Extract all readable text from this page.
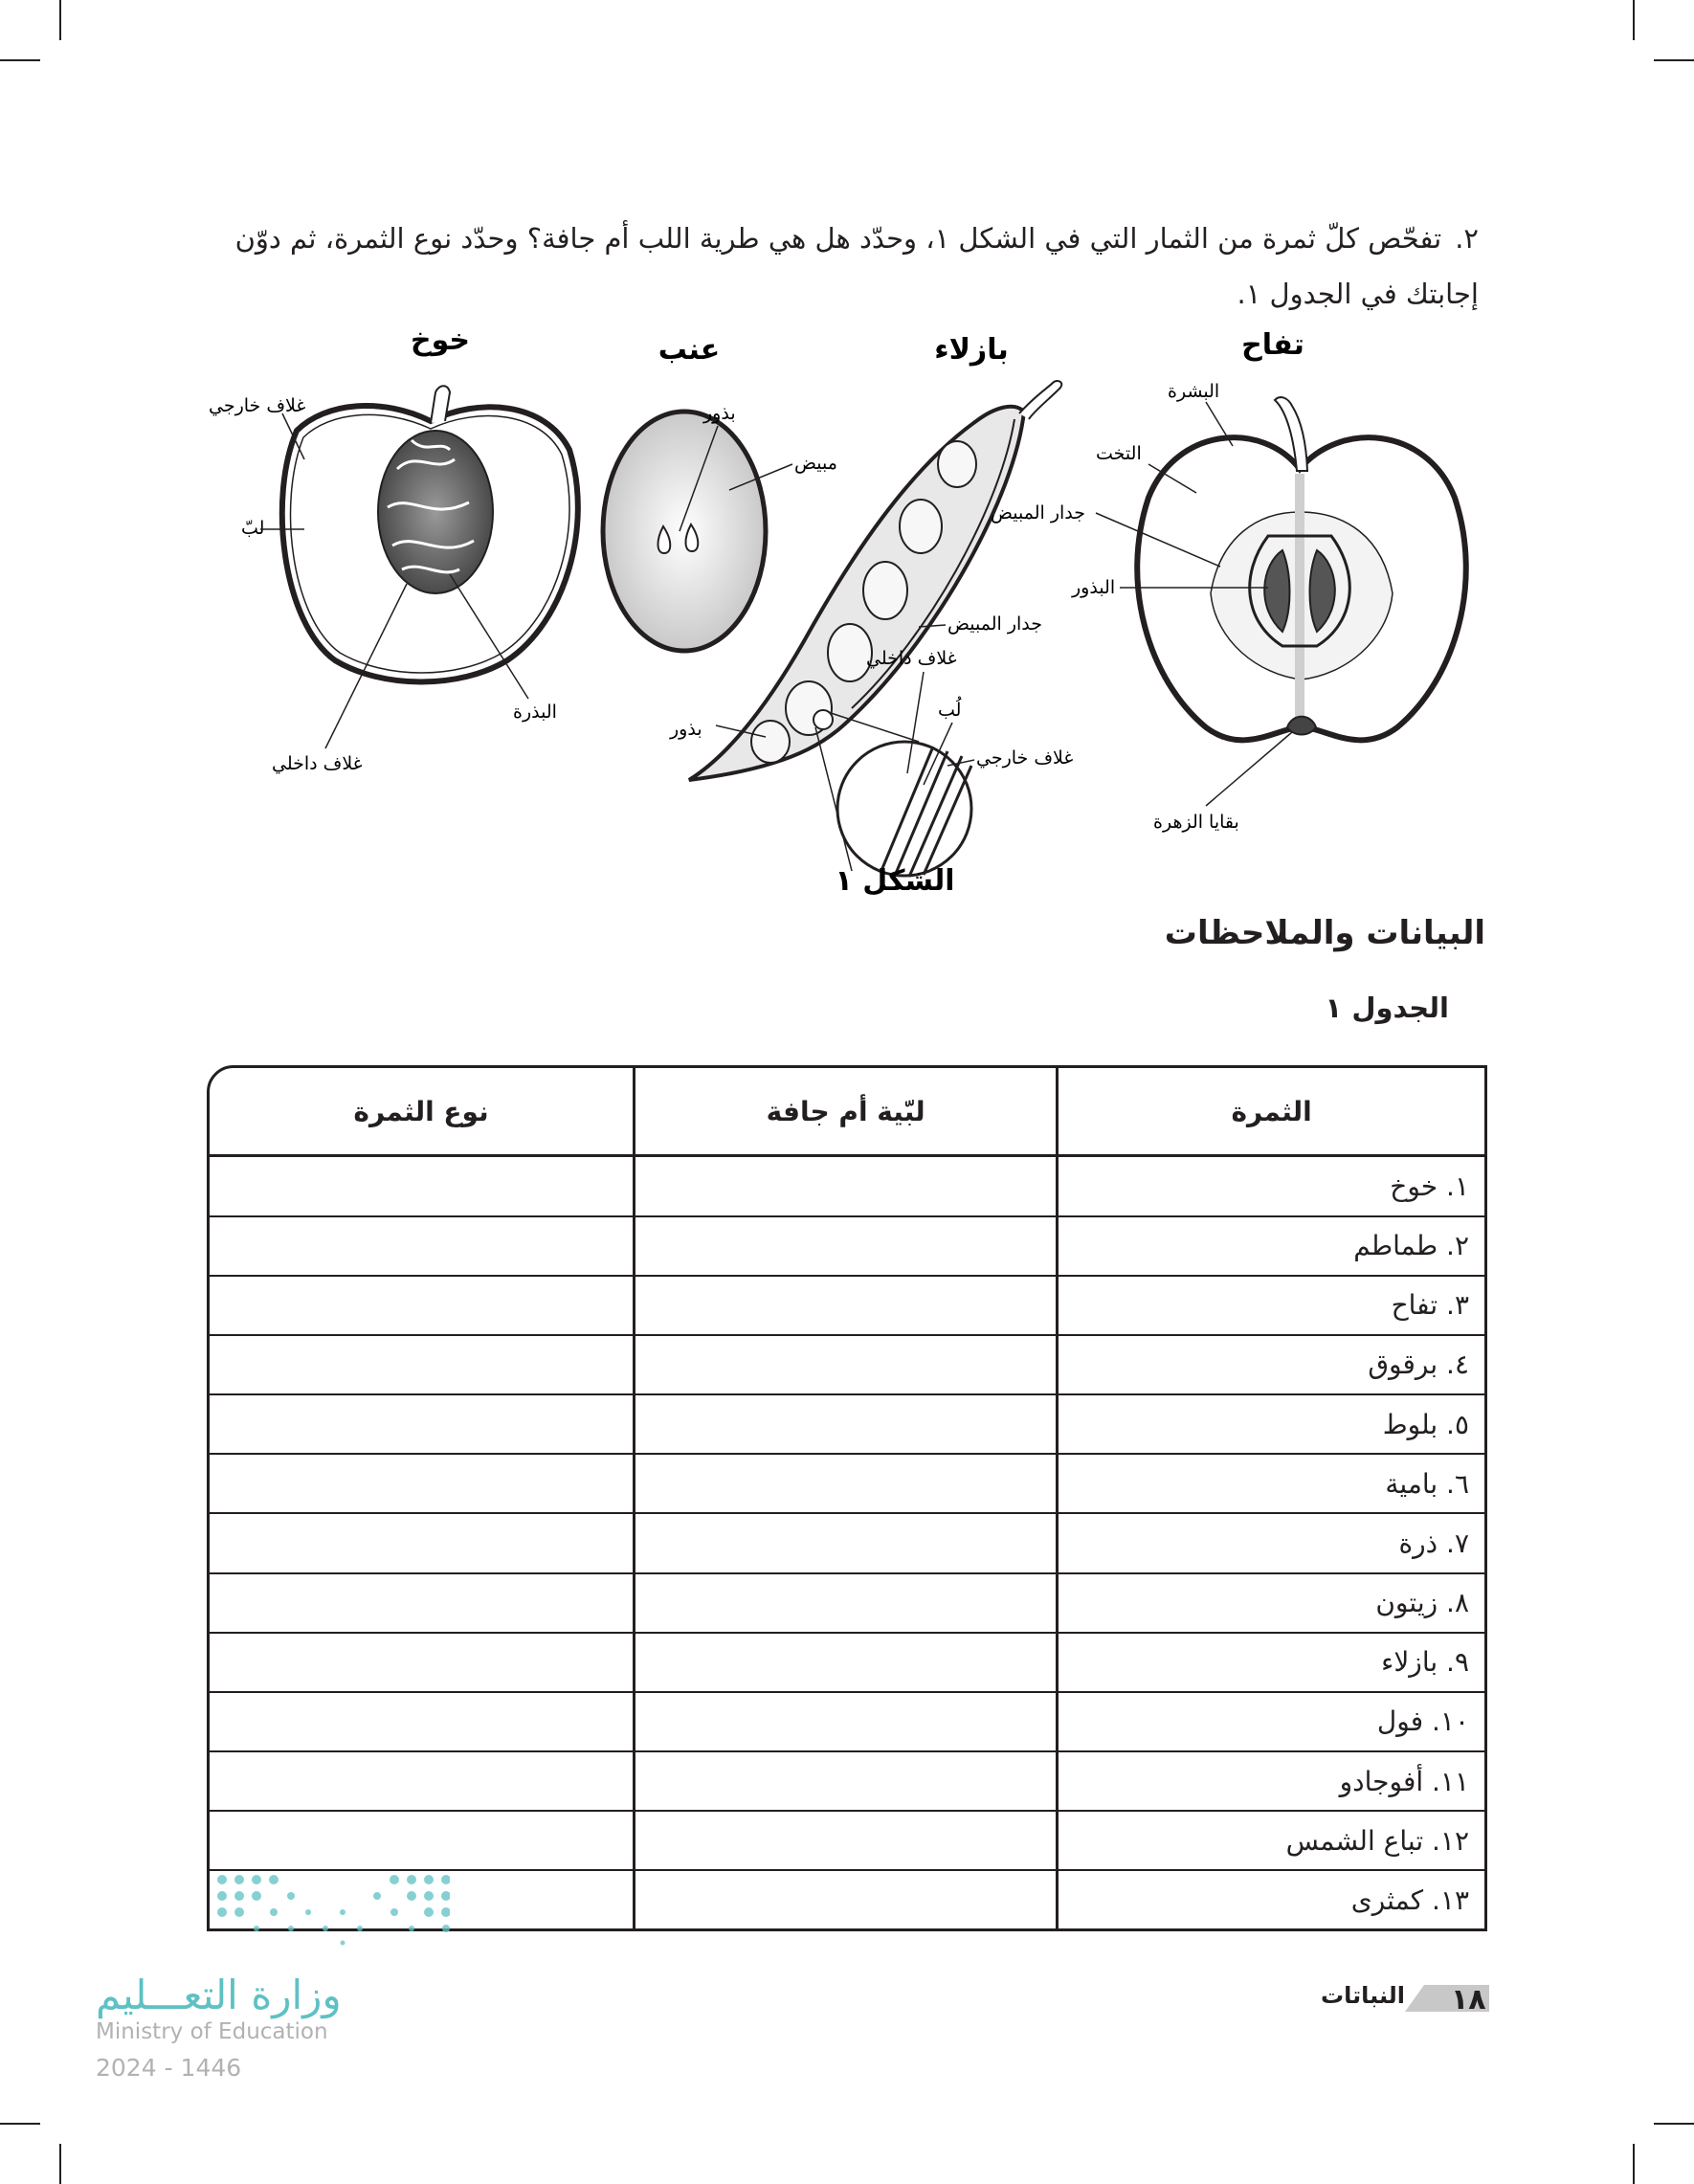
٢.تفحّص كلّ ثمرة من الثمار التي في الشكل ١، وحدّد هل هي طرية اللب أم جافة؟ وحدّد نوع الثمرة، ثم دوّن إجابتك في الجدول ١.
خوخ
غلاف خارجي
لبّ
البذرة
غلاف داخلي
عنب
بذور
مبيض
بازلاء
جدار المبيض
غلاف داخلي
لُب
غلاف خارجي
بذور
تفاح
البشرة
التخت
جدار المبيض
البذور
بقايا الزهرة
الشكل ١
البيانات والملاحظات
الجدول ١
الثمرة	لبّية أم جافة	نوع الثمرة
١. خوخ	

٢. طماطم	

٣. تفاح	

٤. برقوق	

٥. بلوط	

٦. بامية	

٧. ذرة	

٨. زيتون	

٩. بازلاء	

١٠. فول	

١١. أفوجادو	

١٢. تباع الشمس	

١٣. كمثرى	

وزارة التعـــليم
Ministry of Education
2024 - 1446
النباتات ١٨
